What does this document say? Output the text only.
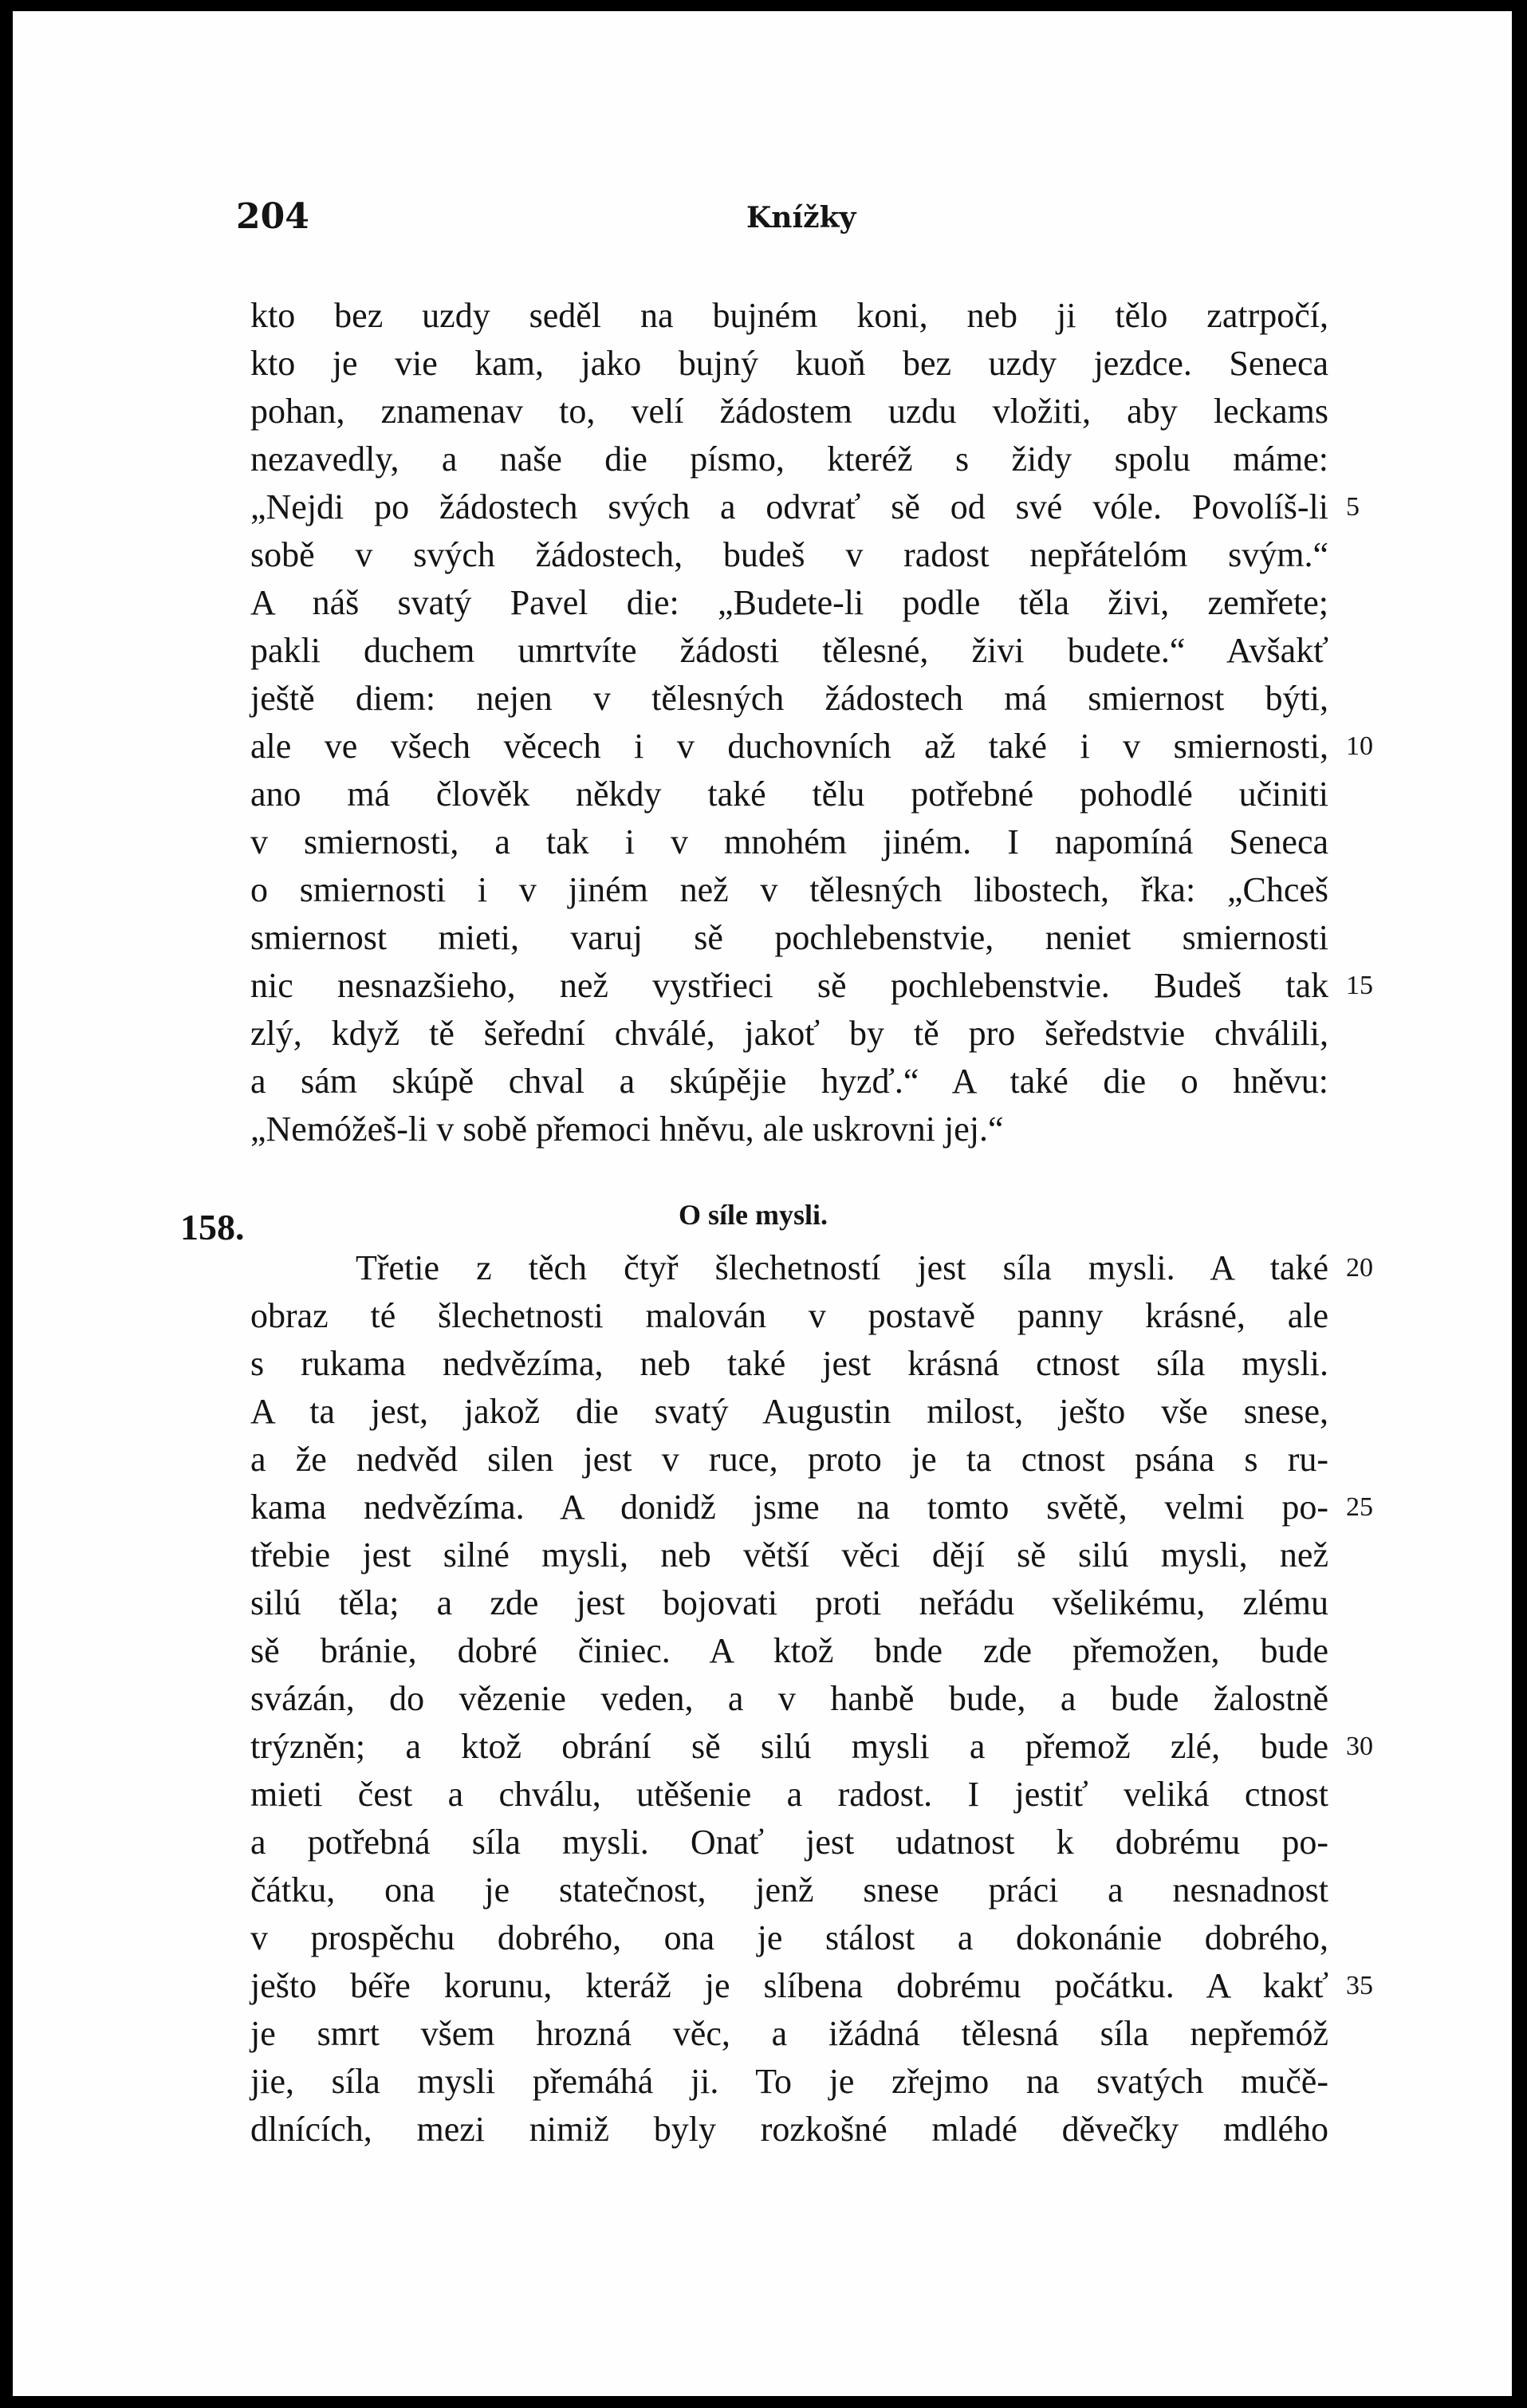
204	Knížky
kto bez uzdy seděl na bujném koni, neb ji tělo zatrpočí,
kto je vie kam, jako bujný kuoň bez uzdy jezdce. Seneca
pohan, znamenav to, velí žádostem uzdu vložiti, aby leckams
nezavedly, a naše die písmo, kteréž s židy spolu máme:
„Nejdi po žádostech svých a odvrať sě od své vóle. Povolíš-li
sobě v svých žádostech, budeš v radost nepřátelóm svým.“
A náš svatý Pavel die: „Budete-li podle těla živi, zemřete;
pakli duchem umrtvíte žádosti tělesné, živi budete.“ Avšakť
ještě diem: nejen v tělesných žádostech má smiernost býti,
ale ve všech věcech i v duchovních až také i v smiernosti,
ano má člověk někdy také tělu potřebné pohodlé učiniti
v smiernosti, a tak i v mnohém jiném. I napomíná Seneca
o smiernosti i v jiném než v tělesných libostech, řka: „Chceš
smiernost mieti, varuj sě pochlebenstvie, neniet smiernosti
nic nesnazšieho, než vystřieci sě pochlebenstvie. Budeš tak
zlý, když tě šeřední chválé, jakoť by tě pro šeředstvie chválili,
a sám skúpě chval a skúpějie hyzď.“ A také die o hněvu:
„Nemóžeš-li v sobě přemoci hněvu, ale uskrovni jej.“
158.	O síle mysli.
Třetie z těch čtyř šlechetností jest síla mysli. A také
obraz té šlechetnosti malován v postavě panny krásné, ale
s rukama nedvězíma, neb také jest krásná ctnost síla mysli.
A ta jest, jakož die svatý Augustin milost, ješto vše snese,
a že nedvěd silen jest v ruce, proto je ta ctnost psána s ru-
kama nedvězíma. A donidž jsme na tomto světě, velmi po-
třebie jest silné mysli, neb větší věci dějí sě silú mysli, než
silú těla; a zde jest bojovati proti neřádu všelikému, zlému
sě bránie, dobré činiec. A ktož bnde zde přemožen, bude
svázán, do vězenie veden, a v hanbě bude, a bude žalostně
trýzněn; a ktož obrání sě silú mysli a přemož zlé, bude
mieti čest a chválu, utěšenie a radost. I jestiť veliká ctnost
a potřebná síla mysli. Onať jest udatnost k dobrému po-
čátku, ona je statečnost, jenž snese práci a nesnadnost
v prospěchu dobrého, ona je stálost a dokonánie dobrého,
ješto béře korunu, kteráž je slíbena dobrému počátku. A kakť
je smrt všem hrozná věc, a ižádná tělesná síla nepřemóž
jie, síla mysli přemáhá ji. To je zřejmo na svatých mučě-
dlnících, mezi nimiž byly rozkošné mladé děvečky mdlého
5
10
15
20
25
30
35
